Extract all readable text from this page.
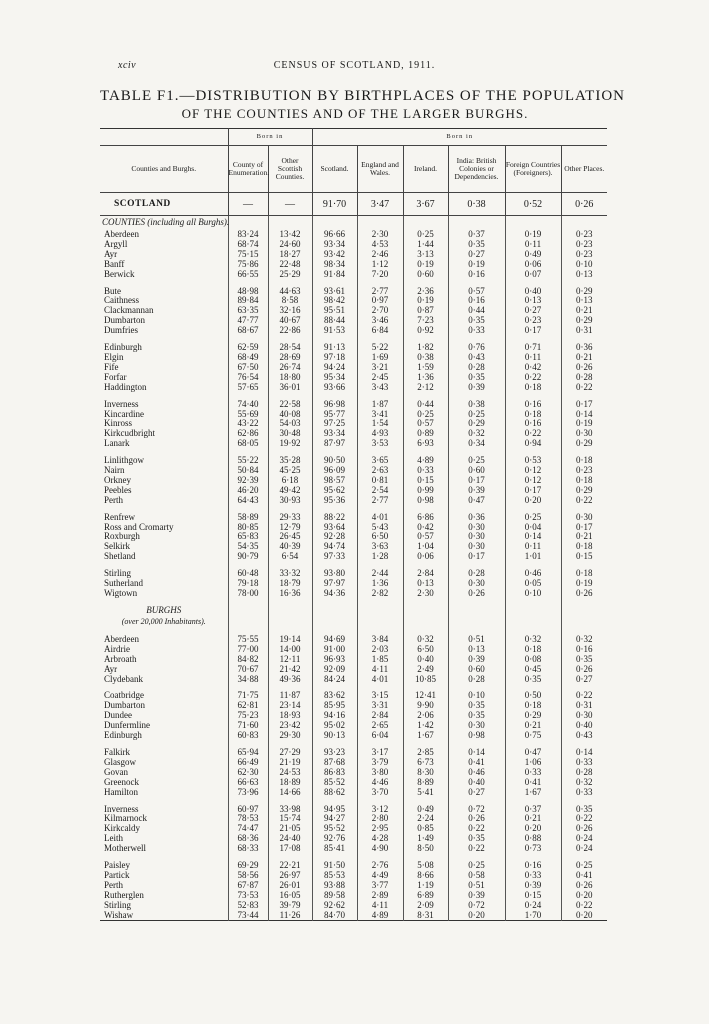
xciv	CENSUS OF SCOTLAND, 1911.
TABLE F1.—DISTRIBUTION BY BIRTHPLACES OF THE POPULATION
OF THE COUNTIES AND OF THE LARGER BURGHS.
	Born in		Born in					
Counties and Burghs.	County of Enumeration.	Other Scottish Counties.	Scotland.	England and Wales.	Ireland.	India: British Colonies or Dependencies.	Foreign Countries (Foreigners).	Other Places.
SCOTLAND	—	—	91·70	3·47	3·67	0·38	0·52	0·26
COUNTIES (including all Burghs).								
Aberdeen	83·24	13·42	96·66	2·30	0·25	0·37	0·19	0·23
Argyll	68·74	24·60	93·34	4·53	1·44	0·35	0·11	0·23
Ayr	75·15	18·27	93·42	2·46	3·13	0·27	0·49	0·23
Banff	75·86	22·48	98·34	1·12	0·19	0·19	0·06	0·10
Berwick	66·55	25·29	91·84	7·20	0·60	0·16	0·07	0·13

Bute	48·98	44·63	93·61	2·77	2·36	0·57	0·40	0·29
Caithness	89·84	8·58	98·42	0·97	0·19	0·16	0·13	0·13
Clackmannan	63·35	32·16	95·51	2·70	0·87	0·44	0·27	0·21
Dumbarton	47·77	40·67	88·44	3·46	7·23	0·35	0·23	0·29
Dumfries	68·67	22·86	91·53	6·84	0·92	0·33	0·17	0·31

Edinburgh	62·59	28·54	91·13	5·22	1·82	0·76	0·71	0·36
Elgin	68·49	28·69	97·18	1·69	0·38	0·43	0·11	0·21
Fife	67·50	26·74	94·24	3·21	1·59	0·28	0·42	0·26
Forfar	76·54	18·80	95·34	2·45	1·36	0·35	0·22	0·28
Haddington	57·65	36·01	93·66	3·43	2·12	0·39	0·18	0·22

Inverness	74·40	22·58	96·98	1·87	0·44	0·38	0·16	0·17
Kincardine	55·69	40·08	95·77	3·41	0·25	0·25	0·18	0·14
Kinross	43·22	54·03	97·25	1·54	0·57	0·29	0·16	0·19
Kirkcudbright	62·86	30·48	93·34	4·93	0·89	0·32	0·22	0·30
Lanark	68·05	19·92	87·97	3·53	6·93	0·34	0·94	0·29

Linlithgow	55·22	35·28	90·50	3·65	4·89	0·25	0·53	0·18
Nairn	50·84	45·25	96·09	2·63	0·33	0·60	0·12	0·23
Orkney	92·39	6·18	98·57	0·81	0·15	0·17	0·12	0·18
Peebles	46·20	49·42	95·62	2·54	0·99	0·39	0·17	0·29
Perth	64·43	30·93	95·36	2·77	0·98	0·47	0·20	0·22

Renfrew	58·89	29·33	88·22	4·01	6·86	0·36	0·25	0·30
Ross and Cromarty	80·85	12·79	93·64	5·43	0·42	0·30	0·04	0·17
Roxburgh	65·83	26·45	92·28	6·50	0·57	0·30	0·14	0·21
Selkirk	54·35	40·39	94·74	3·63	1·04	0·30	0·11	0·18
Shetland	90·79	6·54	97·33	1·28	0·06	0·17	1·01	0·15

Stirling	60·48	33·32	93·80	2·44	2·84	0·28	0·46	0·18
Sutherland	79·18	18·79	97·97	1·36	0·13	0·30	0·05	0·19
Wigtown	78·00	16·36	94·36	2·82	2·30	0·26	0·10	0·26

BURGHS								
(over 20,000 Inhabitants).								

Aberdeen	75·55	19·14	94·69	3·84	0·32	0·51	0·32	0·32
Airdrie	77·00	14·00	91·00	2·03	6·50	0·13	0·18	0·16
Arbroath	84·82	12·11	96·93	1·85	0·40	0·39	0·08	0·35
Ayr	70·67	21·42	92·09	4·11	2·49	0·60	0·45	0·26
Clydebank	34·88	49·36	84·24	4·01	10·85	0·28	0·35	0·27

Coatbridge	71·75	11·87	83·62	3·15	12·41	0·10	0·50	0·22
Dumbarton	62·81	23·14	85·95	3·31	9·90	0·35	0·18	0·31
Dundee	75·23	18·93	94·16	2·84	2·06	0·35	0·29	0·30
Dunfermline	71·60	23·42	95·02	2·65	1·42	0·30	0·21	0·40
Edinburgh	60·83	29·30	90·13	6·04	1·67	0·98	0·75	0·43

Falkirk	65·94	27·29	93·23	3·17	2·85	0·14	0·47	0·14
Glasgow	66·49	21·19	87·68	3·79	6·73	0·41	1·06	0·33
Govan	62·30	24·53	86·83	3·80	8·30	0·46	0·33	0·28
Greenock	66·63	18·89	85·52	4·46	8·89	0·40	0·41	0·32
Hamilton	73·96	14·66	88·62	3·70	5·41	0·27	1·67	0·33

Inverness	60·97	33·98	94·95	3·12	0·49	0·72	0·37	0·35
Kilmarnock	78·53	15·74	94·27	2·80	2·24	0·26	0·21	0·22
Kirkcaldy	74·47	21·05	95·52	2·95	0·85	0·22	0·20	0·26
Leith	68·36	24·40	92·76	4·28	1·49	0·35	0·88	0·24
Motherwell	68·33	17·08	85·41	4·90	8·50	0·22	0·73	0·24

Paisley	69·29	22·21	91·50	2·76	5·08	0·25	0·16	0·25
Partick	58·56	26·97	85·53	4·49	8·66	0·58	0·33	0·41
Perth	67·87	26·01	93·88	3·77	1·19	0·51	0·39	0·26
Rutherglen	73·53	16·05	89·58	2·89	6·89	0·39	0·15	0·20
Stirling	52·83	39·79	92·62	4·11	2·09	0·72	0·24	0·22
Wishaw	73·44	11·26	84·70	4·89	8·31	0·20	1·70	0·20
